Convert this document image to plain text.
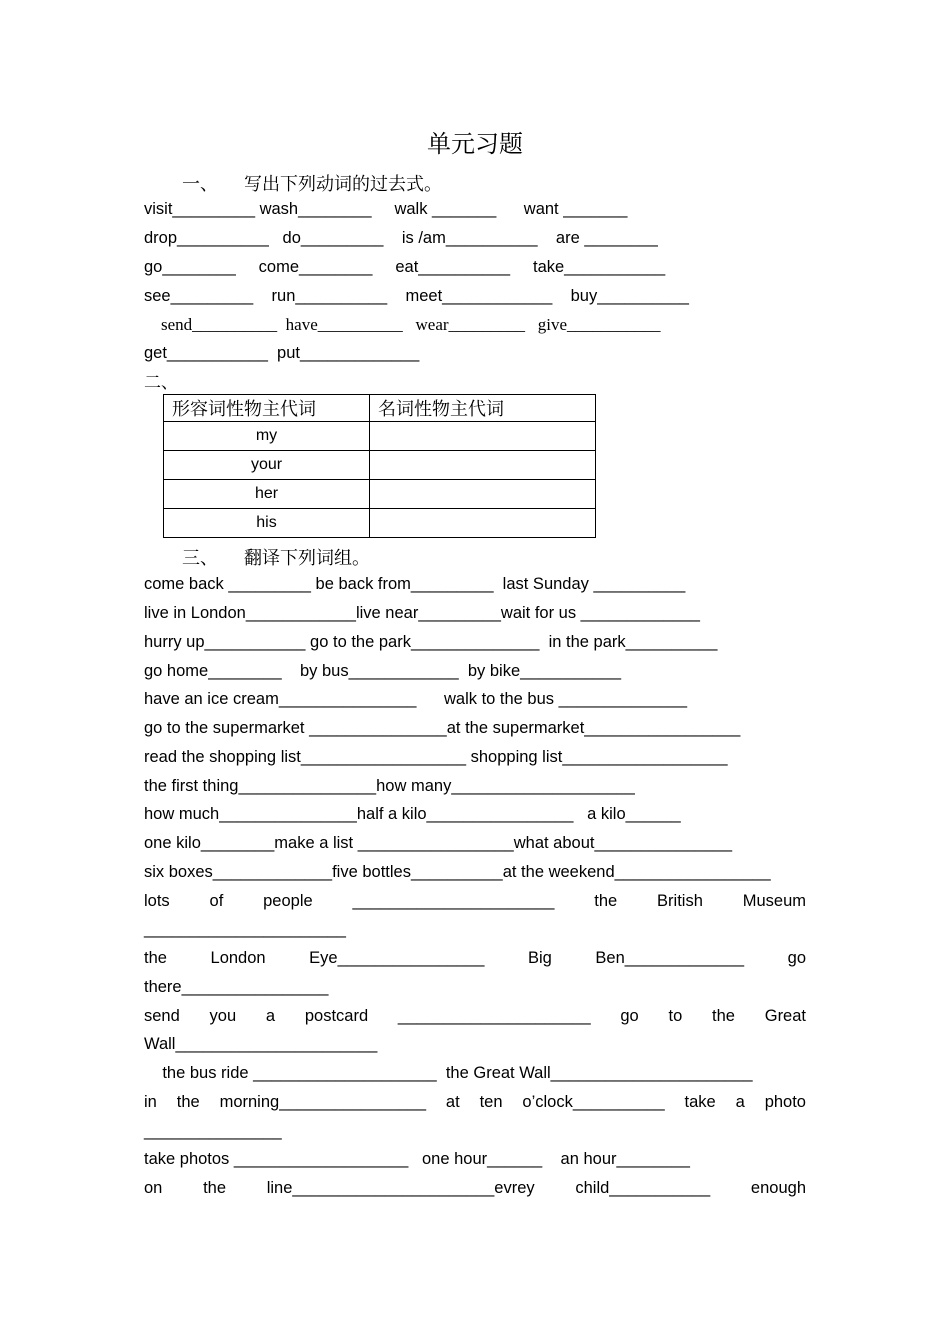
单元习题
一、 写出下列动词的过去式。
visit_________ wash________     walk _______      want _______
drop__________   do_________    is /am__________    are ________
go________     come________     eat__________     take___________
see_________    run__________    meet____________    buy__________
send__________  have__________   wear_________   give___________
get___________  put_____________
二、
形容词性物主代词	名词性物主代词
my	
your	
her	
his	
三、 翻译下列词组。
come back _________ be back from_________  last Sunday __________
live in London____________live near_________wait for us _____________
hurry up___________ go to the park______________  in the park__________
go home________    by bus____________  by bike___________
have an ice cream_______________      walk to the bus ______________
go to the supermarket _______________at the supermarket_________________
read the shopping list__________________ shopping list__________________
the first thing_______________how many____________________
how much_______________half a kilo________________   a kilo______
one kilo________make a list _________________what about_______________
six boxes_____________five bottles__________at the weekend_________________
lots of people ______________________ the British Museum
______________________
the London Eye________________ Big Ben_____________ go
there________________
send you a postcard _____________________ go to the Great
Wall______________________
the bus ride ____________________  the Great Wall______________________
in the morning________________ at ten o’clock__________ take a photo
_______________
take photos ___________________   one hour______    an hour________
on the line______________________evrey child___________ enough
